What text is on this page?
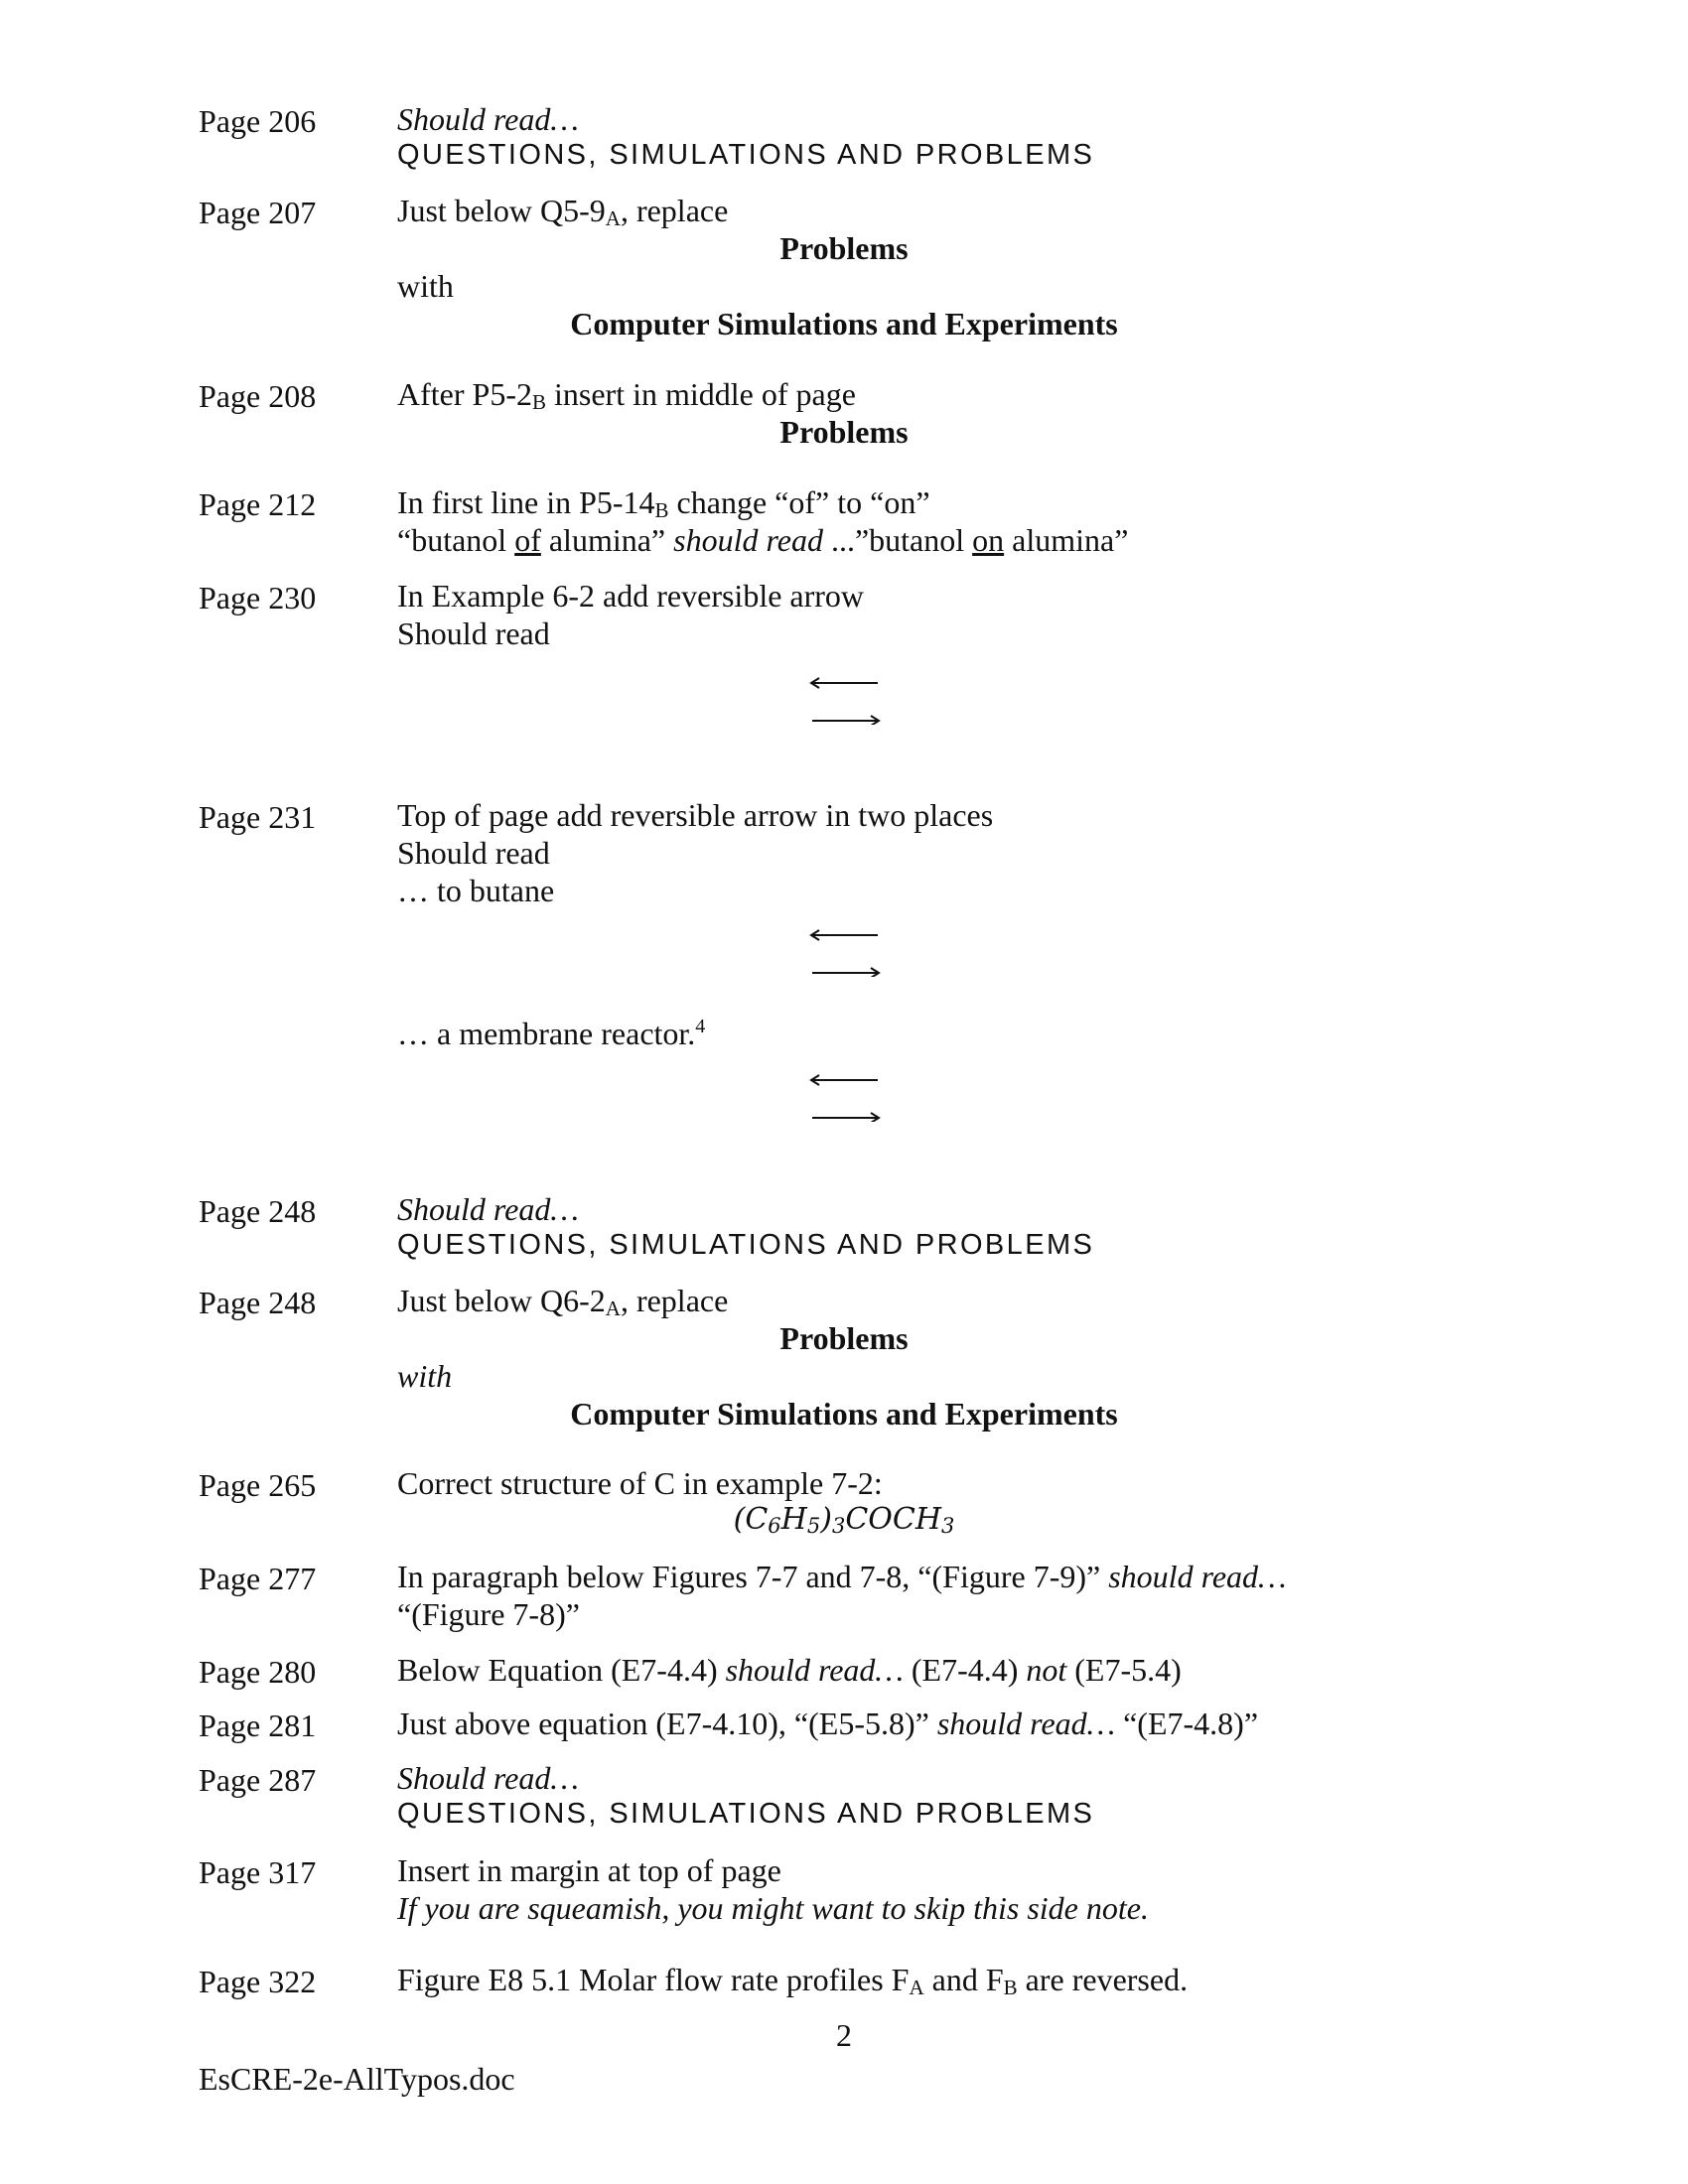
Page 206	Should read…
QUESTIONS, SIMULATIONS AND PROBLEMS
Page 207	Just below $Q5-9_A$, replace
Problems
with
Computer Simulations and Experiments
Page 208	After $P5-2_B$ insert in middle of page
Problems
Page 212	In first line in $P5-14_B$ change “of” to “on”
“butanol of alumina” should read ...”butanol on alumina”
Page 230	In Example 6-2 add reversible arrow
Should read
Page 231	Top of page add reversible arrow in two places
Should read
… to butane
… a membrane reactor.$^4$
Page 248	Should read…
QUESTIONS, SIMULATIONS AND PROBLEMS
Page 248	Just below $Q6-2_A$, replace
Problems
with
Computer Simulations and Experiments
Page 265	Correct structure of C in example 7-2:
$(C_6H_5)_3COCH_3$
Page 277	In paragraph below Figures 7-7 and 7-8, “(Figure 7-9)” should read…
“(Figure 7-8)”
Page 280	Below Equation (E7-4.4) should read… (E7-4.4) not (E7-5.4)
Page 281	Just above equation (E7-4.10), “(E5-5.8)” should read… “(E7-4.8)”
Page 287	Should read…
QUESTIONS, SIMULATIONS AND PROBLEMS
Page 317	Insert in margin at top of page
If you are squeamish, you might want to skip this side note.
Page 322	Figure E8 5.1 Molar flow rate profiles $F_A$ and $F_B$ are reversed.
2
EsCRE-2e-AllTypos.doc
